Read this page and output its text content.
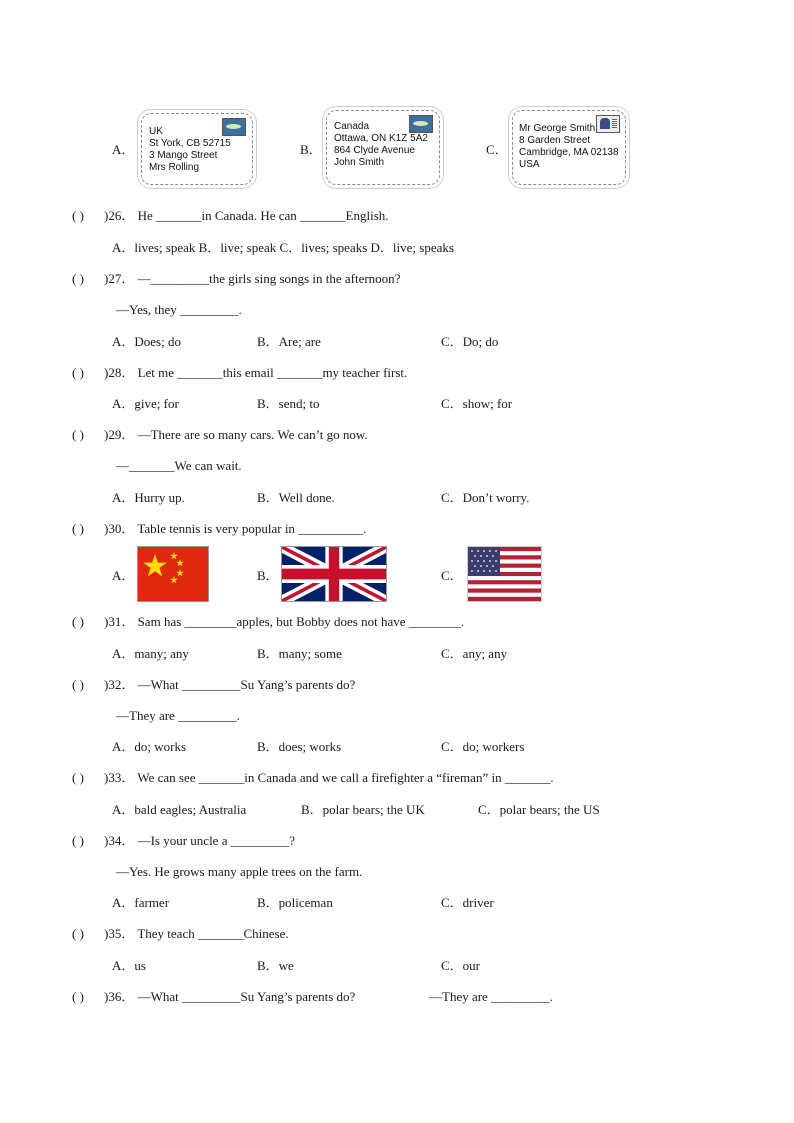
A．
UK
St York, CB 52715
3 Mango Street
Mrs Rolling
B．
Canada
Ottawa, ON K1Z 5A2
864 Clyde Avenue
John Smith
C．
Mr George Smith
8 Garden Street
Cambridge, MA 02138
USA
( ) )26． He _______in Canada. He can _______English.
A．lives; speak B．live; speak C．lives; speaks D．live; speaks
( ) )27． —_________the girls sing songs in the afternoon?
—Yes, they _________.
A．Does; do	B．Are; are	C．Do; do
( ) )28． Let me _______this email _______my teacher first.
A．give; for	B．send; to	C．show; for
( ) )29． —There are so many cars. We can’t go now.
—_______We can wait.
A．Hurry up.	B．Well done.	C．Don’t worry.
( ) )30． Table tennis is very popular in __________.
A．	B．	C．
( ) )31． Sam has ________apples, but Bobby does not have ________.
A．many; any	B．many; some	C．any; any
( ) )32． —What _________Su Yang’s parents do?
—They are _________.
A．do; works	B．does; works	C．do; workers
( ) )33． We can see _______in Canada and we call a firefighter a “fireman” in _______.
A．bald eagles; Australia	B．polar bears; the UK	C．polar bears; the US
( ) )34． —Is your uncle a _________?
—Yes. He grows many apple trees on the farm.
A．farmer	B．policeman	C．driver
( ) )35． They teach _______Chinese.
A．us	B．we	C．our
( ) )36． —What _________Su Yang’s parents do?	—They are _________.
